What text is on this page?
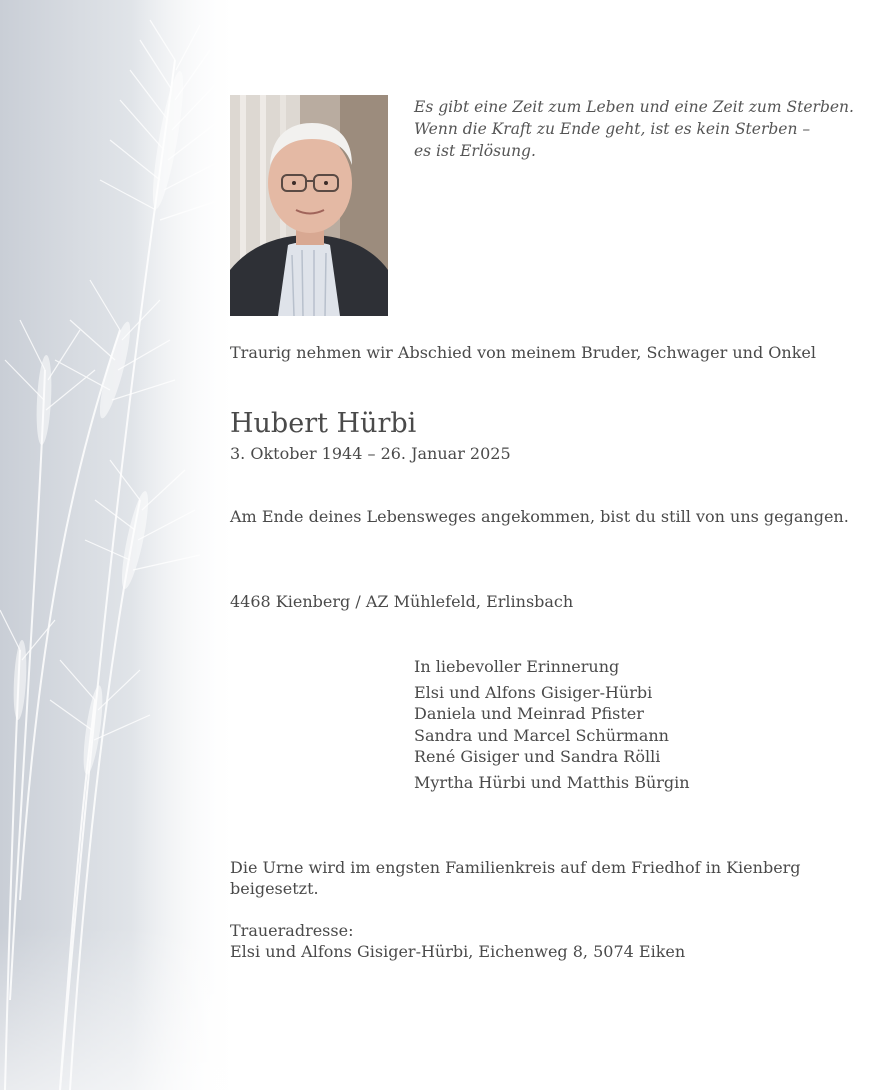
Es gibt eine Zeit zum Leben und eine Zeit zum Sterben.
Wenn die Kraft zu Ende geht, ist es kein Sterben –
es ist Erlösung.
Traurig nehmen wir Abschied von meinem Bruder, Schwager und Onkel
Hubert Hürbi
3. Oktober 1944 – 26. Januar 2025
Am Ende deines Lebensweges angekommen, bist du still von uns gegangen.
4468 Kienberg / AZ Mühlefeld, Erlinsbach
In liebevoller Erinnerung
Elsi und Alfons Gisiger-Hürbi
Daniela und Meinrad Pfister
Sandra und Marcel Schürmann
René Gisiger und Sandra Rölli
Myrtha Hürbi und Matthis Bürgin
Die Urne wird im engsten Familienkreis auf dem Friedhof in Kienberg
beigesetzt.
Traueradresse:
Elsi und Alfons Gisiger-Hürbi, Eichenweg 8, 5074 Eiken
